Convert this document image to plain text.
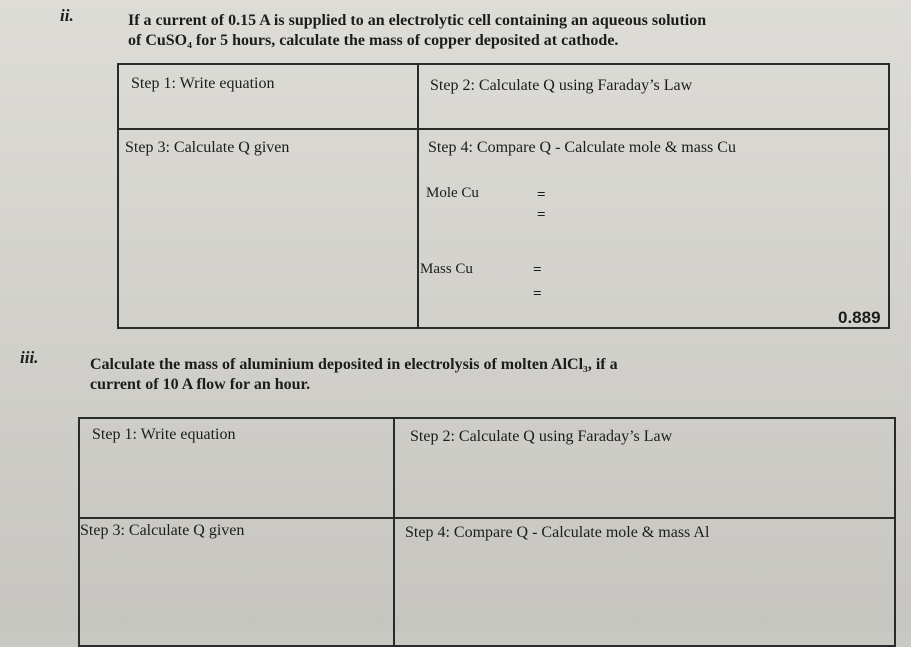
ii.	If a current of 0.15 A is supplied to an electrolytic cell containing an aqueous solution
of CuSO₄ for 5 hours, calculate the mass of copper deposited at cathode.
Step 1: Write equation	Step 2: Calculate Q using Faraday’s Law
Step 3: Calculate Q given	Step 4: Compare Q - Calculate mole & mass Cu
Mole Cu	=
=
Mass Cu	=
=
0.889
iii.	Calculate the mass of aluminium deposited in electrolysis of molten AlCl₃, if a
current of 10 A flow for an hour.
Step 1: Write equation	Step 2: Calculate Q using Faraday’s Law
Step 3: Calculate Q given	Step 4: Compare Q - Calculate mole & mass Al
